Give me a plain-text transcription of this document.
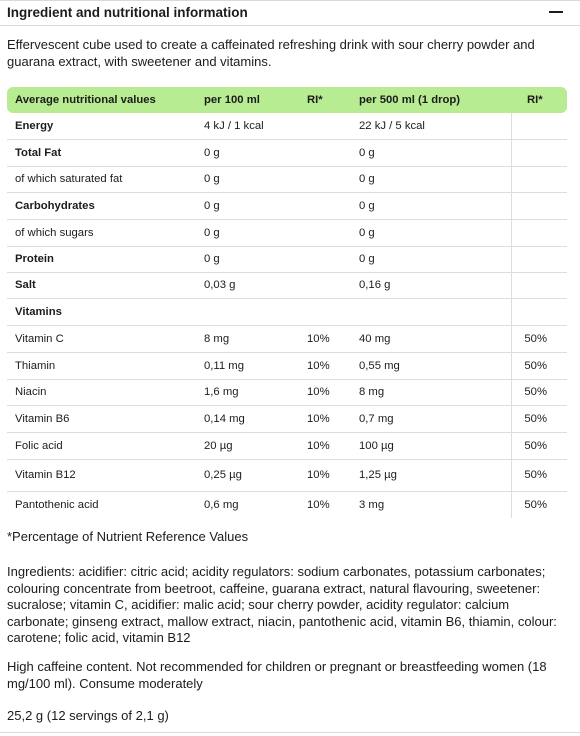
Ingredient and nutritional information
Effervescent cube used to create a caffeinated refreshing drink with sour cherry powder and guarana extract, with sweetener and vitamins.
Average nutritional values	per 100 ml	RI*	per 500 ml (1 drop)	RI*
Energy	4 kJ / 1 kcal		22 kJ / 5 kcal	
Total Fat	0 g		0 g	
of which saturated fat	0 g		0 g	
Carbohydrates	0 g		0 g	
of which sugars	0 g		0 g	
Protein	0 g		0 g	
Salt	0,03 g		0,16 g	
Vitamins				
Vitamin C	8 mg	10%	40 mg	50%
Thiamin	0,11 mg	10%	0,55 mg	50%
Niacin	1,6 mg	10%	8 mg	50%
Vitamin B6	0,14 mg	10%	0,7 mg	50%
Folic acid	20 µg	10%	100 µg	50%
Vitamin B12	0,25 µg	10%	1,25 µg	50%
Pantothenic acid	0,6 mg	10%	3 mg	50%
*Percentage of Nutrient Reference Values
Ingredients: acidifier: citric acid; acidity regulators: sodium carbonates, potassium carbonates; colouring concentrate from beetroot, caffeine, guarana extract, natural flavouring, sweetener: sucralose; vitamin C, acidifier: malic acid; sour cherry powder, acidity regulator: calcium carbonate; ginseng extract, mallow extract, niacin, pantothenic acid, vitamin B6, thiamin, colour: carotene; folic acid, vitamin B12
High caffeine content. Not recommended for children or pregnant or breastfeeding women (18 mg/100 ml). Consume moderately
25,2 g (12 servings of 2,1 g)
